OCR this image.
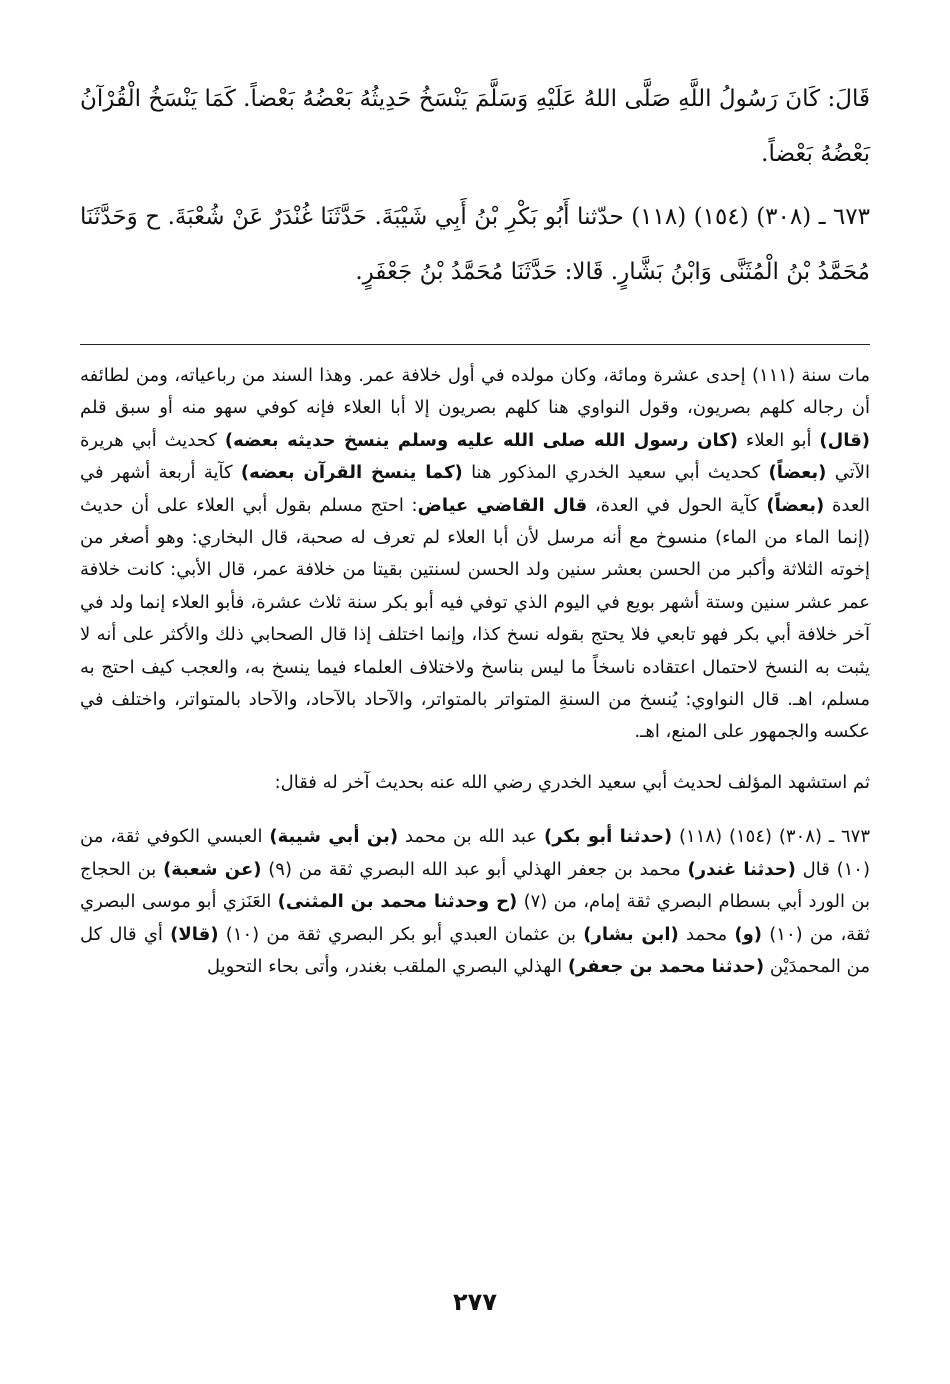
قَالَ: كَانَ رَسُولُ اللَّهِ صَلَّى اللهُ عَلَيْهِ وَسَلَّمَ يَنْسَخُ حَدِيثُهُ بَعْضُهُ بَعْضاً. كَمَا يَنْسَخُ الْقُرْآنُ بَعْضُهُ بَعْضاً.

٦٧٣ ـ (٣٠٨) (١٥٤) (١١٨) حدّثنا أَبُو بَكْرِ بْنُ أَبِي شَيْبَةَ. حَدَّثَنَا غُنْدَرٌ عَنْ شُعْبَةَ. ح وَحَدَّثَنَا مُحَمَّدُ بْنُ الْمُثَنَّى وَابْنُ بَشَّارٍ. قَالا: حَدَّثَنَا مُحَمَّدُ بْنُ جَعْفَرٍ.

مات سنة (١١١) إحدى عشرة ومائة، وكان مولده في أول خلافة عمر. وهذا السند من رباعياته، ومن لطائفه أن رجاله كلهم بصريون، وقول النواوي هنا كلهم بصريون إلا أبا العلاء فإنه كوفي سهو منه أو سبق قلم (قال) أبو العلاء (كان رسول الله صلى الله عليه وسلم ينسخ حديثه بعضه) كحديث أبي هريرة الآتي (بعضاً) كحديث أبي سعيد الخدري المذكور هنا (كما ينسخ القرآن بعضه) كآية أربعة أشهر في العدة (بعضاً) كآية الحول في العدة، قال القاضي عياض: احتج مسلم بقول أبي العلاء على أن حديث (إنما الماء من الماء) منسوخ مع أنه مرسل لأن أبا العلاء لم تعرف له صحبة، قال البخاري: وهو أصغر من إخوته الثلاثة وأكبر من الحسن بعشر سنين ولد الحسن لسنتين بقيتا من خلافة عمر، قال الأبي: كانت خلافة عمر عشر سنين وستة أشهر بويع في اليوم الذي توفي فيه أبو بكر سنة ثلاث عشرة، فأبو العلاء إنما ولد في آخر خلافة أبي بكر فهو تابعي فلا يحتج بقوله نسخ كذا، وإنما اختلف إذا قال الصحابي ذلك والأكثر على أنه لا يثبت به النسخ لاحتمال اعتقاده ناسخاً ما ليس بناسخ ولاختلاف العلماء فيما ينسخ به، والعجب كيف احتج به مسلم، اهـ. قال النواوي: يُنسخ من السنةِ المتواتر بالمتواتر، والآحاد بالآحاد، والآحاد بالمتواتر، واختلف في عكسه والجمهور على المنع، اهـ.

ثم استشهد المؤلف لحديث أبي سعيد الخدري رضي الله عنه بحديث آخر له فقال:

٦٧٣ ـ (٣٠٨) (١٥٤) (١١٨) (حدثنا أبو بكر) عبد الله بن محمد (بن أبي شيبة) العبسي الكوفي ثقة، من (١٠) قال (حدثنا غندر) محمد بن جعفر الهذلي أبو عبد الله البصري ثقة من (٩) (عن شعبة) بن الحجاج بن الورد أبي بسطام البصري ثقة إمام، من (٧) (ح وحدثنا محمد بن المثنى) العَنَزي أبو موسى البصري ثقة، من (١٠) (و) محمد (ابن بشار) بن عثمان العبدي أبو بكر البصري ثقة من (١٠) (قالا) أي قال كل من المحمدَيْن (حدثنا محمد بن جعفر) الهذلي البصري الملقب بغندر، وأتى بحاء التحويل

٢٧٧
